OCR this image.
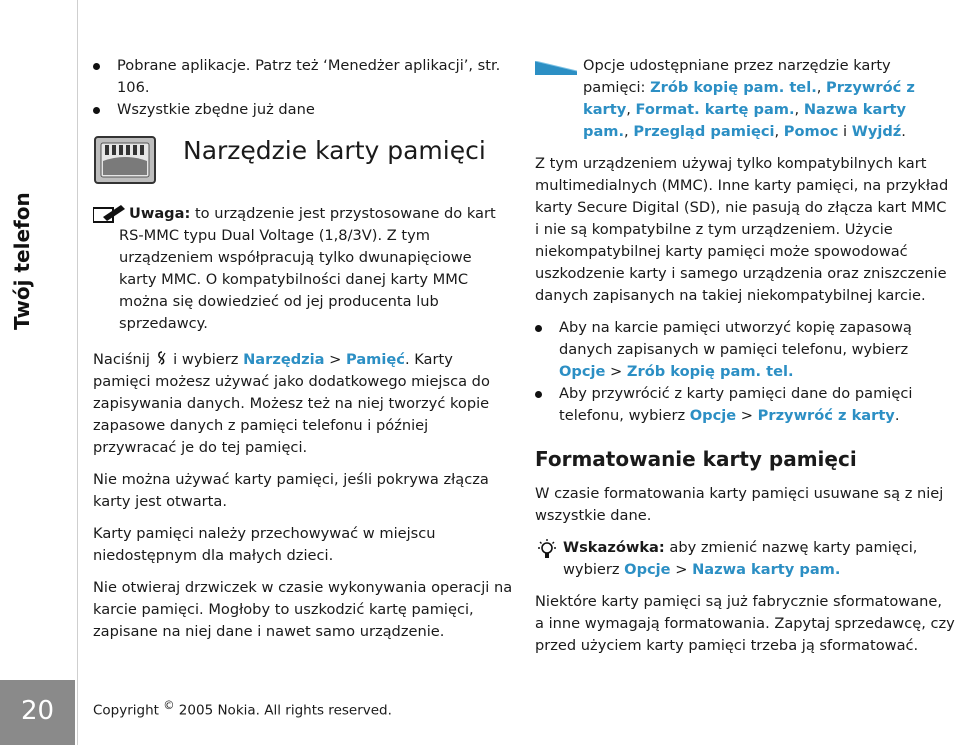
Twój telefon
20

Pobrane aplikacje. Patrz też ‘Menedżer aplikacji’, str. 106.

Wszystkie zbędne już dane

Narzędzie karty pamięci

Uwaga: to urządzenie jest przystosowane do kart RS-MMC typu Dual Voltage (1,8/3V). Z tym urządzeniem współpracują tylko dwunapięciowe karty MMC. O kompatybilności danej karty MMC można się dowiedzieć od jej producenta lub sprzedawcy.

Naciśnij  i wybierz Narzędzia > Pamięć. Karty pamięci możesz używać jako dodatkowego miejsca do zapisywania danych. Możesz też na niej tworzyć kopie zapasowe danych z pamięci telefonu i później przywracać je do tej pamięci.

Nie można używać karty pamięci, jeśli pokrywa złącza karty jest otwarta.

Karty pamięci należy przechowywać w miejscu niedostępnym dla małych dzieci.

Nie otwieraj drzwiczek w czasie wykonywania operacji na karcie pamięci. Mogłoby to uszkodzić kartę pamięci, zapisane na niej dane i nawet samo urządzenie.

Opcje udostępniane przez narzędzie karty pamięci: Zrób kopię pam. tel., Przywróć z karty, Format. kartę pam., Nazwa karty pam., Przegląd pamięci, Pomoc i Wyjdź.

Z tym urządzeniem używaj tylko kompatybilnych kart multimedialnych (MMC). Inne karty pamięci, na przykład karty Secure Digital (SD), nie pasują do złącza kart MMC i nie są kompatybilne z tym urządzeniem. Użycie niekompatybilnej karty pamięci może spowodować uszkodzenie karty i samego urządzenia oraz zniszczenie danych zapisanych na takiej niekompatybilnej karcie.

Aby na karcie pamięci utworzyć kopię zapasową danych zapisanych w pamięci telefonu, wybierz Opcje > Zrób kopię pam. tel.

Aby przywrócić z karty pamięci dane do pamięci telefonu, wybierz Opcje > Przywróć z karty.

Formatowanie karty pamięci

W czasie formatowania karty pamięci usuwane są z niej wszystkie dane.

Wskazówka: aby zmienić nazwę karty pamięci, wybierz Opcje > Nazwa karty pam.

Niektóre karty pamięci są już fabrycznie sformatowane, a inne wymagają formatowania. Zapytaj sprzedawcę, czy przed użyciem karty pamięci trzeba ją sformatować.

Copyright © 2005 Nokia. All rights reserved.
